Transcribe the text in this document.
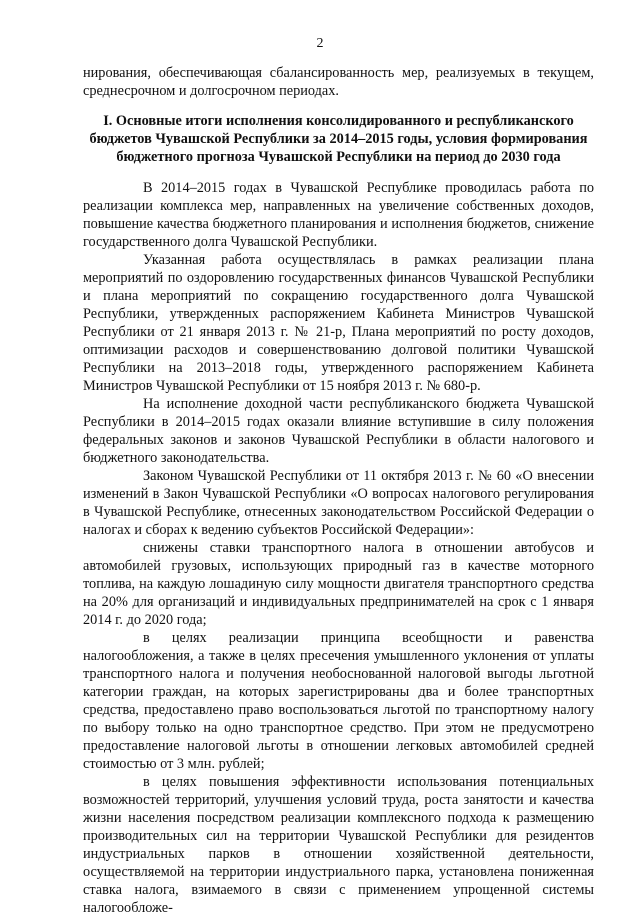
2

нирования, обеспечивающая сбалансированность мер, реализуемых в текущем, среднесрочном и долгосрочном периодах.

I. Основные итоги исполнения консолидированного и республиканского бюджетов Чувашской Республики за 2014–2015 годы, условия формирования бюджетного прогноза Чувашской Республики на период до 2030 года

В 2014–2015 годах в Чувашской Республике проводилась работа по реализации комплекса мер, направленных на увеличение собственных доходов, повышение качества бюджетного планирования и исполнения бюджетов, снижение государственного долга Чувашской Республики.

Указанная работа осуществлялась в рамках реализации плана мероприятий по оздоровлению государственных финансов Чувашской Республики и плана мероприятий по сокращению государственного долга Чувашской Республики, утвержденных распоряжением Кабинета Министров Чувашской Республики от 21 января 2013 г. № 21-р, Плана мероприятий по росту доходов, оптимизации расходов и совершенствованию долговой политики Чувашской Республики на 2013–2018 годы, утвержденного распоряжением Кабинета Министров Чувашской Республики от 15 ноября 2013 г. № 680-р.

На исполнение доходной части республиканского бюджета Чувашской Республики в 2014–2015 годах оказали влияние вступившие в силу положения федеральных законов и законов Чувашской Республики в области налогового и бюджетного законодательства.

Законом Чувашской Республики от 11 октября 2013 г. № 60 «О внесении изменений в Закон Чувашской Республики «О вопросах налогового регулирования в Чувашской Республике, отнесенных законодательством Российской Федерации о налогах и сборах к ведению субъектов Российской Федерации»:

снижены ставки транспортного налога в отношении автобусов и автомобилей грузовых, использующих природный газ в качестве моторного топлива, на каждую лошадиную силу мощности двигателя транспортного средства на 20% для организаций и индивидуальных предпринимателей на срок с 1 января 2014 г. до 2020 года;

в целях реализации принципа всеобщности и равенства налогообложения, а также в целях пресечения умышленного уклонения от уплаты транспортного налога и получения необоснованной налоговой выгоды льготной категории граждан, на которых зарегистрированы два и более транспортных средства, предоставлено право воспользоваться льготой по транспортному налогу по выбору только на одно транспортное средство. При этом не предусмотрено предоставление налоговой льготы в отношении легковых автомобилей средней стоимостью от 3 млн. рублей;

в целях повышения эффективности использования потенциальных возможностей территорий, улучшения условий труда, роста занятости и качества жизни населения посредством реализации комплексного подхода к размещению производительных сил на территории Чувашской Республики для резидентов индустриальных парков в отношении хозяйственной деятельности, осуществляемой на территории индустриального парка, установлена пониженная ставка налога, взимаемого в связи с применением упрощенной системы налогообложе-
